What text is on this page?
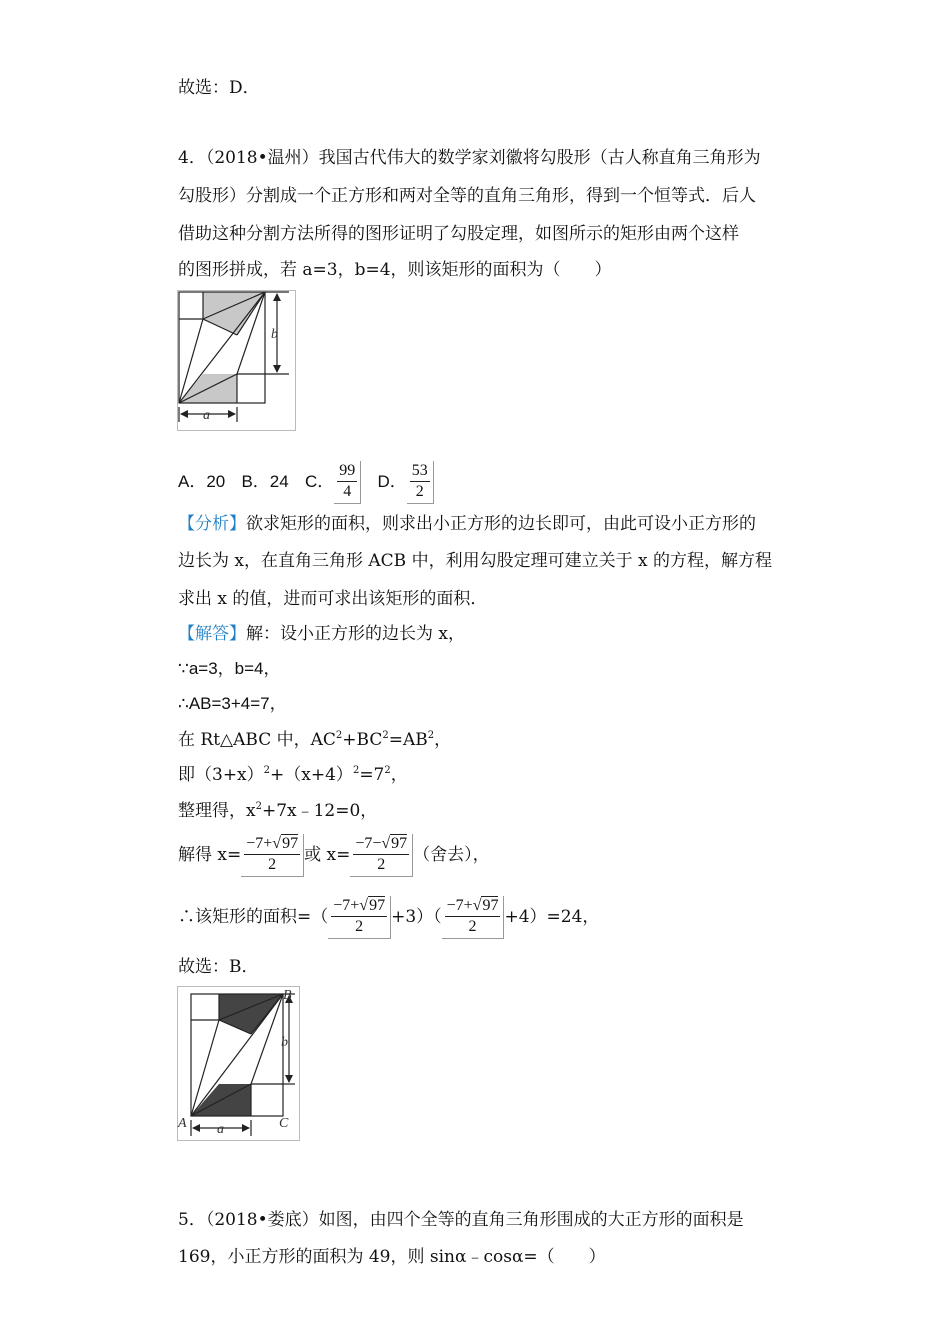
故选：D．
4．（2018•温州）我国古代伟大的数学家刘徽将勾股形（古人称直角三角形为
勾股形）分割成一个正方形和两对全等的直角三角形，得到一个恒等式．后人
借助这种分割方法所得的图形证明了勾股定理，如图所示的矩形由两个这样
的图形拼成，若 a=3，b=4，则该矩形的面积为（　　）
b
a
A．20 B．24 C． $\frac{99}{4}$ D． $\frac{53}{2}$
【分析】欲求矩形的面积，则求出小正方形的边长即可，由此可设小正方形的
边长为 x，在直角三角形 ACB 中，利用勾股定理可建立关于 x 的方程，解方程
求出 x 的值，进而可求出该矩形的面积．
【解答】解：设小正方形的边长为 x，
∵a=3，b=4，
∴AB=3+4=7，
在 Rt△ABC 中，$AC^2+BC^2=AB^2$，
即$(3+x)^2+(x+4)^2=7^2$，
整理得，$x^2+7x﹣12=0$，
解得 $x= \frac{-7+√97}{2}$ 或 $x= \frac{-7-√97}{2}$ （舍去），
∴该矩形的面积=（ $\frac{-7+√97}{2} +3)( \frac{-7+√97}{2} +4)=24$，
故选：B．
B
b
A	C
a
5．（2018•娄底）如图，由四个全等的直角三角形围成的大正方形的面积是
169，小正方形的面积为 49，则 sinα﹣cosα=（　　）
